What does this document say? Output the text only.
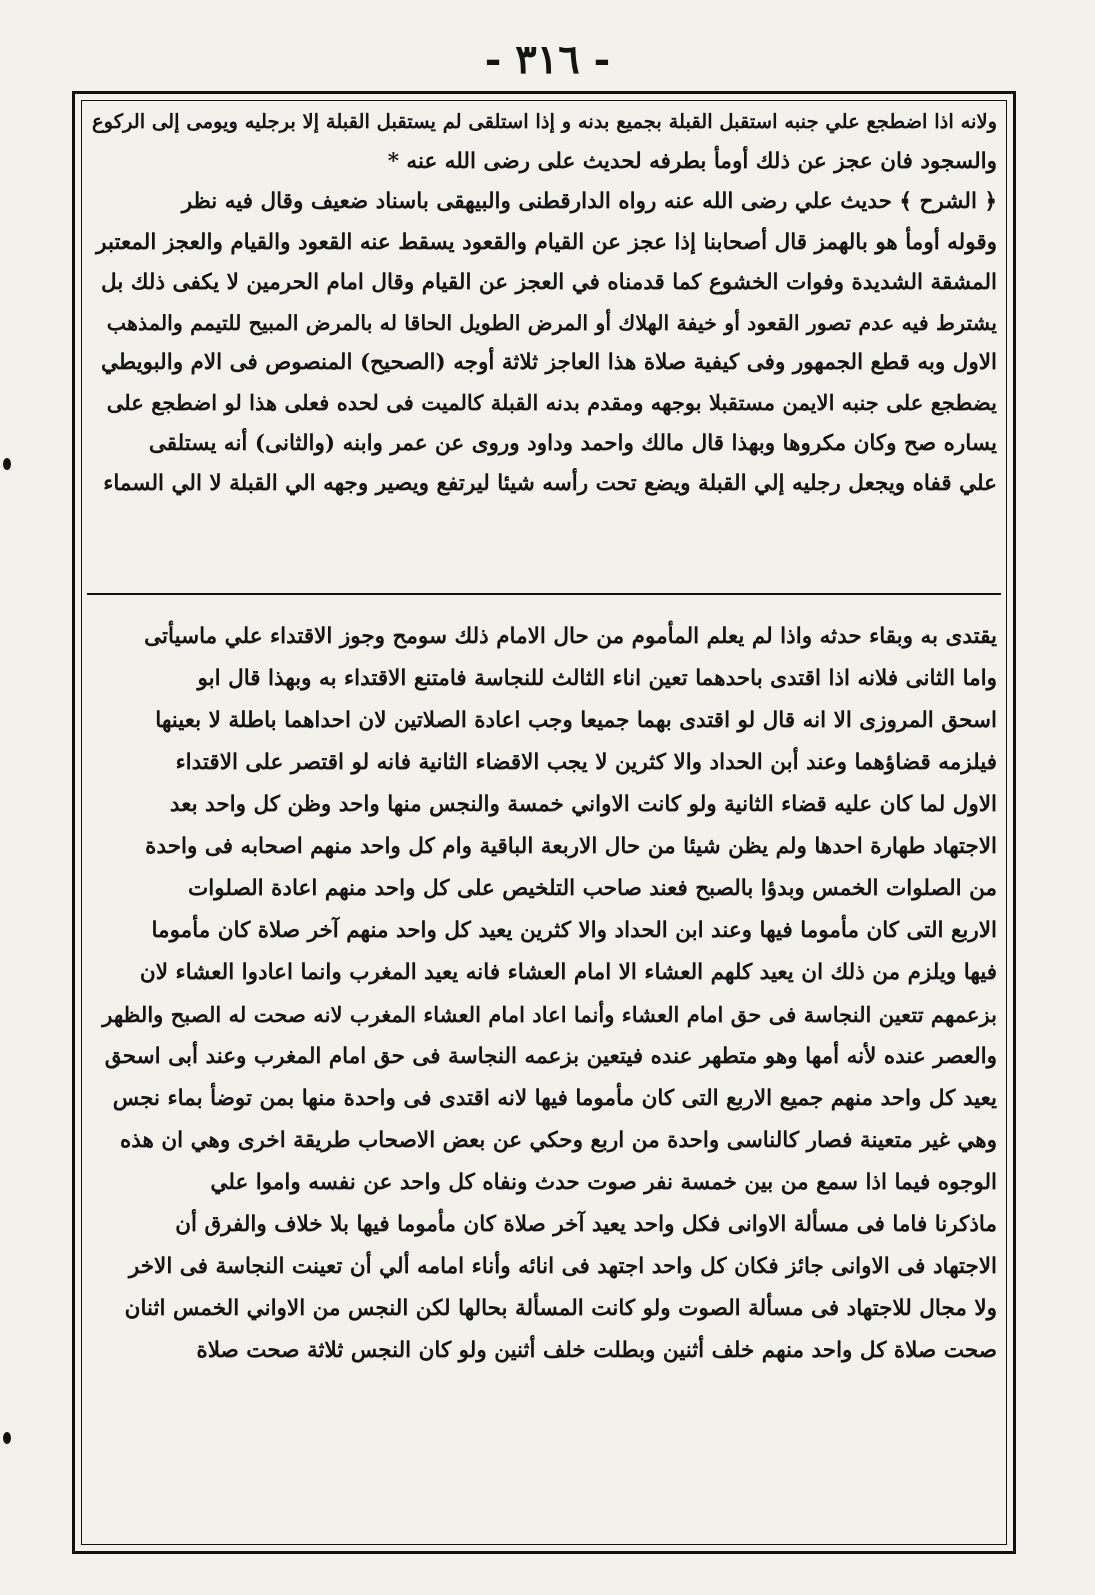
- ٣١٦ -
ولانه اذا اضطجع علي جنبه استقبل القبلة بجميع بدنه و إذا استلقى لم يستقبل القبلة إلا برجليه ويومى إلى الركوع
والسجود فان عجز عن ذلك أومأ بطرفه لحديث على رضى الله عنه *
﴿ الشرح ﴾ حديث علي رضى الله عنه رواه الدارقطنى والبيهقى باسناد ضعيف وقال فيه نظر
وقوله أومأ هو بالهمز قال أصحابنا إذا عجز عن القيام والقعود يسقط عنه القعود والقيام والعجز المعتبر
المشقة الشديدة وفوات الخشوع كما قدمناه في العجز عن القيام وقال امام الحرمين لا يكفى ذلك بل
يشترط فيه عدم تصور القعود أو خيفة الهلاك أو المرض الطويل الحاقا له بالمرض المبيح للتيمم والمذهب
الاول وبه قطع الجمهور وفى كيفية صلاة هذا العاجز ثلاثة أوجه (الصحيح) المنصوص فى الام والبويطي
يضطجع على جنبه الايمن مستقبلا بوجهه ومقدم بدنه القبلة كالميت فى لحده فعلى هذا لو اضطجع على
يساره صح وكان مكروها وبهذا قال مالك واحمد وداود وروى عن عمر وابنه (والثانى) أنه يستلقى
علي قفاه ويجعل رجليه إلي القبلة ويضع تحت رأسه شيئا ليرتفع ويصير وجهه الي القبلة لا الي السماء
يقتدى به وبقاء حدثه واذا لم يعلم المأموم من حال الامام ذلك سومح وجوز الاقتداء علي ماسيأتى
واما الثانى فلانه اذا اقتدى باحدهما تعين اناء الثالث للنجاسة فامتنع الاقتداء به وبهذا قال ابو
اسحق المروزى الا انه قال لو اقتدى بهما جميعا وجب اعادة الصلاتين لان احداهما باطلة لا بعينها
فيلزمه قضاؤهما وعند أبن الحداد والا كثرين لا يجب الاقضاء الثانية فانه لو اقتصر على الاقتداء
الاول لما كان عليه قضاء الثانية ولو كانت الاواني خمسة والنجس منها واحد وظن كل واحد بعد
الاجتهاد طهارة احدها ولم يظن شيئا من حال الاربعة الباقية وام كل واحد منهم اصحابه فى واحدة
من الصلوات الخمس وبدؤا بالصبح فعند صاحب التلخيص على كل واحد منهم اعادة الصلوات
الاربع التى كان مأموما فيها وعند ابن الحداد والا كثرين يعيد كل واحد منهم آخر صلاة كان مأموما
فيها ويلزم من ذلك ان يعيد كلهم العشاء الا امام العشاء فانه يعيد المغرب وانما اعادوا العشاء لان
بزعمهم تتعين النجاسة فى حق امام العشاء وأنما اعاد امام العشاء المغرب لانه صحت له الصبح والظهر
والعصر عنده لأنه أمها وهو متطهر عنده فيتعين بزعمه النجاسة فى حق امام المغرب وعند أبى اسحق
يعيد كل واحد منهم جميع الاربع التى كان مأموما فيها لانه اقتدى فى واحدة منها بمن توضأ بماء نجس
وهي غير متعينة فصار كالناسى واحدة من اربع وحكي عن بعض الاصحاب طريقة اخرى وهي ان هذه
الوجوه فيما اذا سمع من بين خمسة نفر صوت حدث ونفاه كل واحد عن نفسه واموا علي
ماذكرنا فاما فى مسألة الاوانى فكل واحد يعيد آخر صلاة كان مأموما فيها بلا خلاف والفرق أن
الاجتهاد فى الاوانى جائز فكان كل واحد اجتهد فى انائه وأناء امامه ألي أن تعينت النجاسة فى الاخر
ولا مجال للاجتهاد فى مسألة الصوت ولو كانت المسألة بحالها لكن النجس من الاواني الخمس اثنان
صحت صلاة كل واحد منهم خلف أثنين وبطلت خلف أثنين ولو كان النجس ثلاثة صحت صلاة
